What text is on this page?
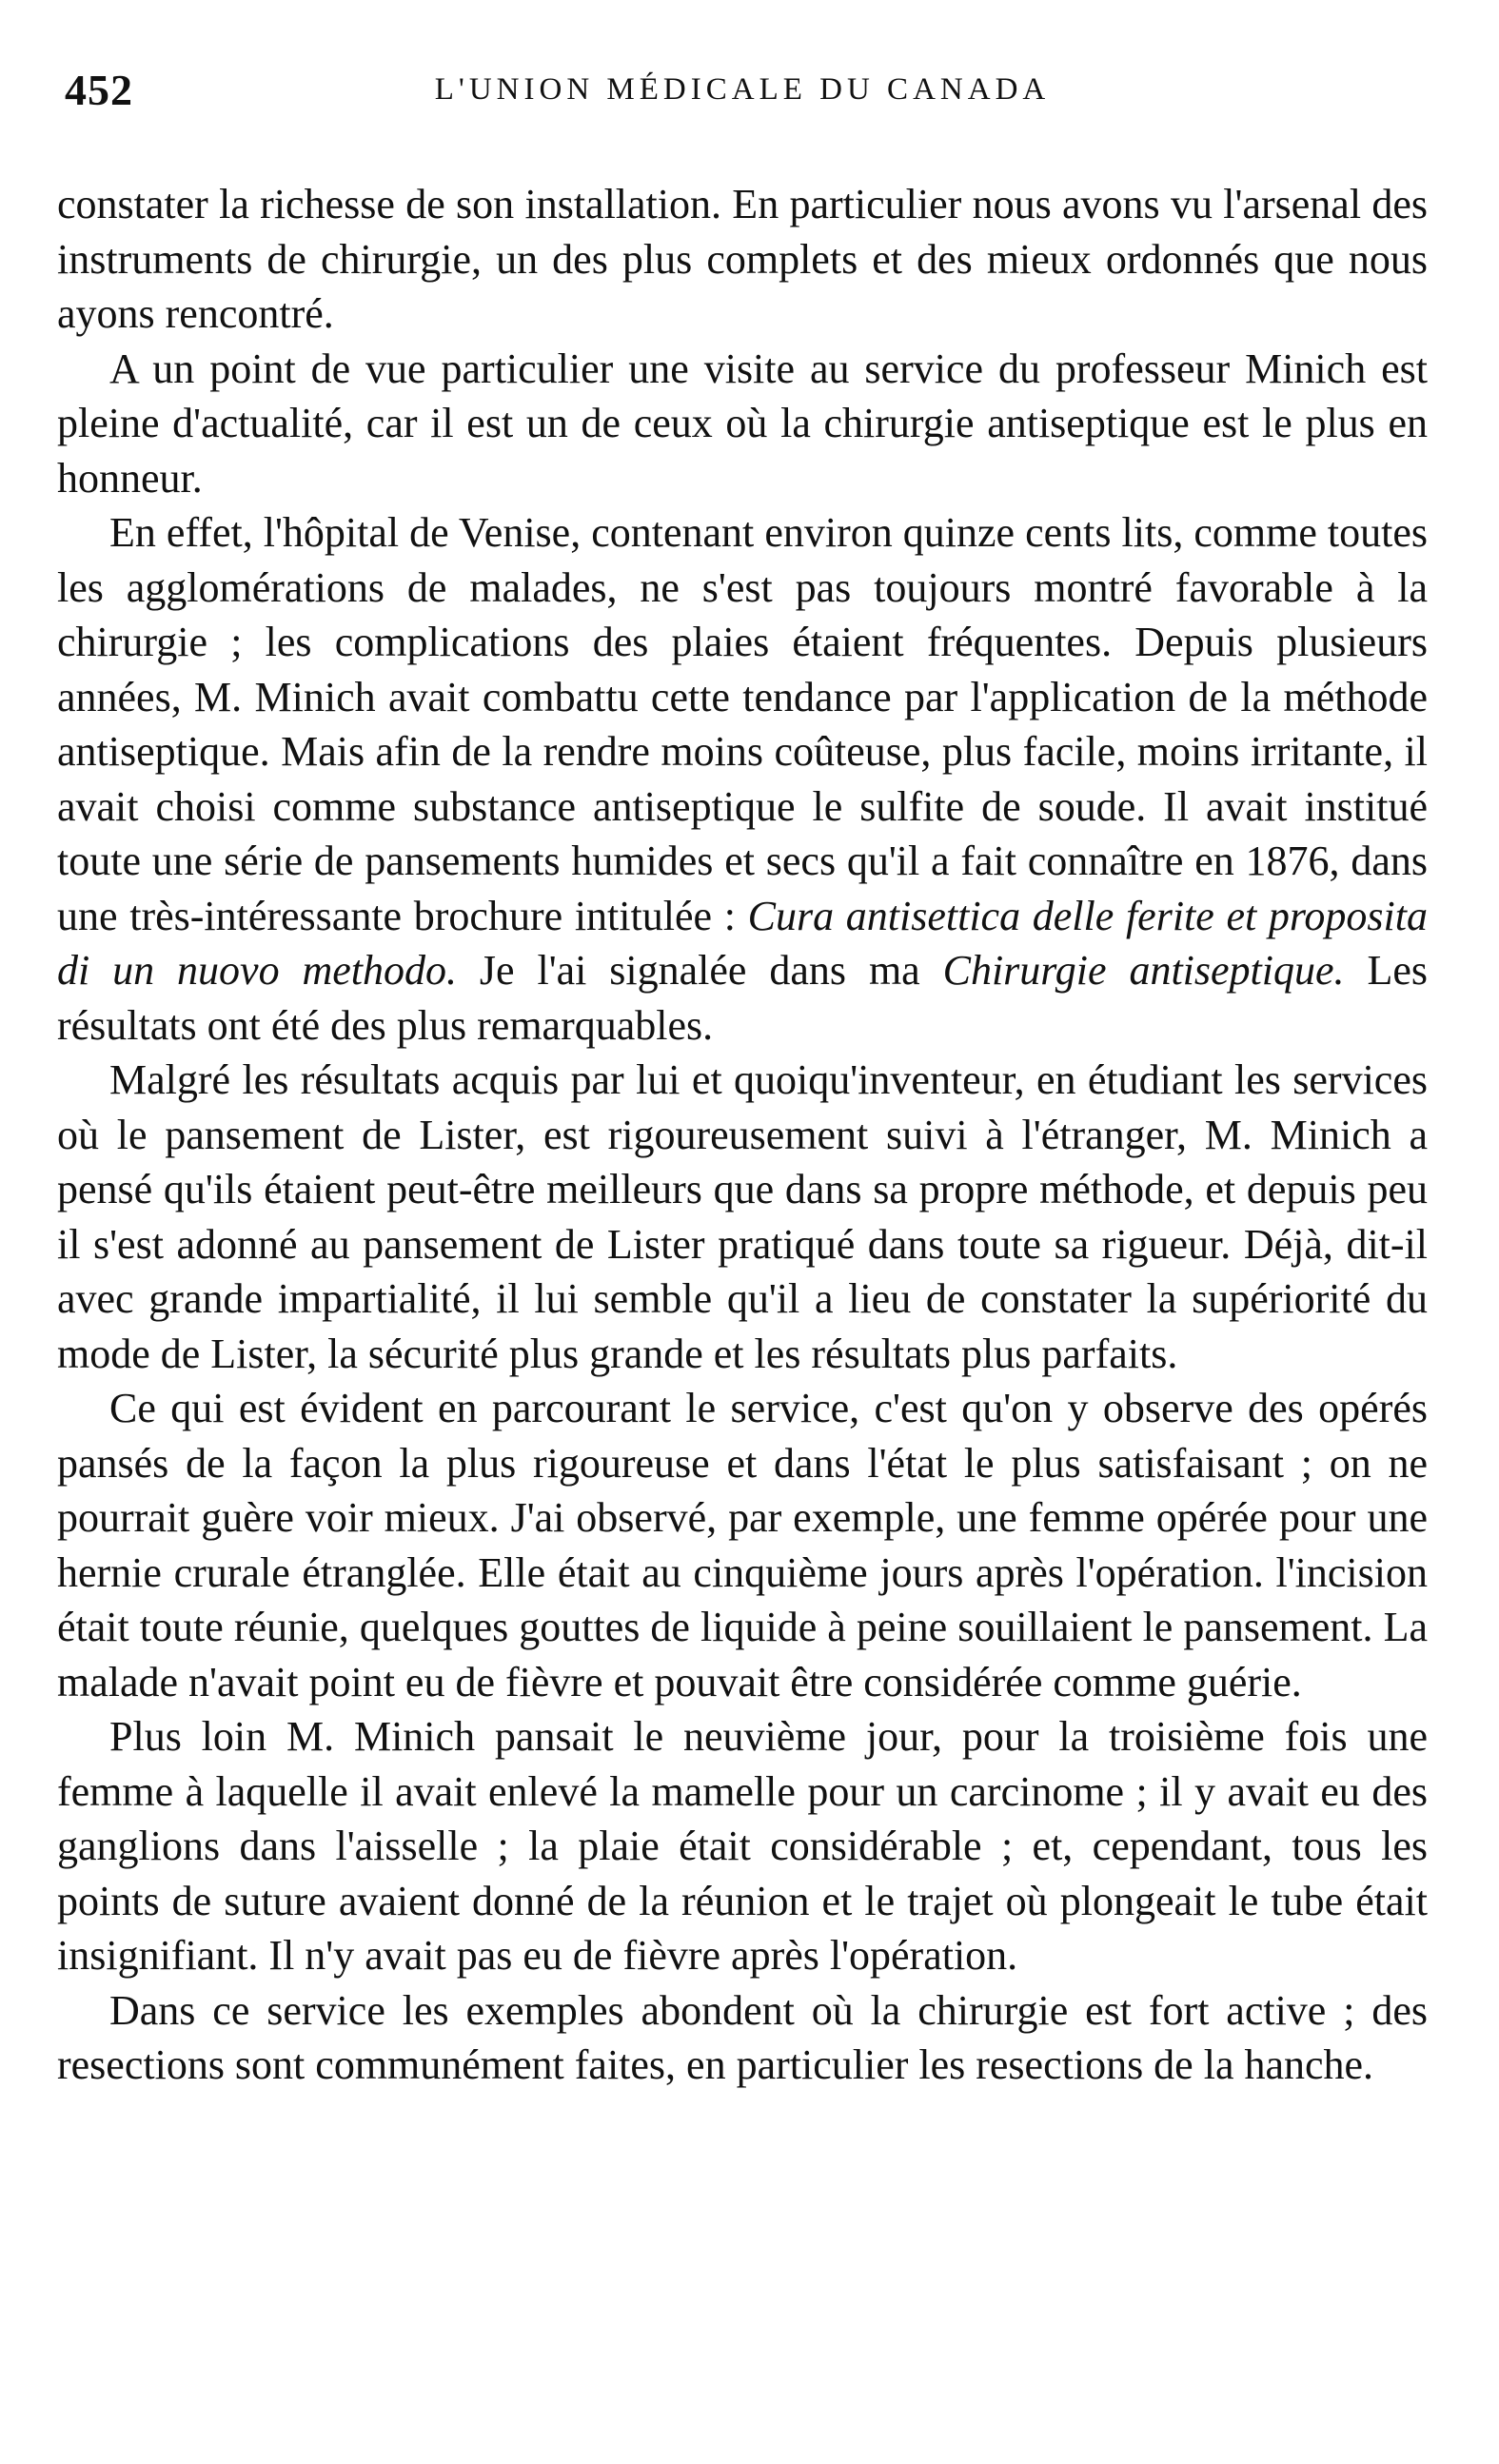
452	L'UNION MÉDICALE DU CANADA

constater la richesse de son installation. En particulier nous avons vu l'arsenal des instruments de chirurgie, un des plus complets et des mieux ordonnés que nous ayons rencontré.

A un point de vue particulier une visite au service du professeur Minich est pleine d'actualité, car il est un de ceux où la chirurgie antiseptique est le plus en honneur.

En effet, l'hôpital de Venise, contenant environ quinze cents lits, comme toutes les agglomérations de malades, ne s'est pas toujours montré favorable à la chirurgie ; les complications des plaies étaient fréquentes. Depuis plusieurs années, M. Minich avait combattu cette tendance par l'application de la méthode antiseptique. Mais afin de la rendre moins coûteuse, plus facile, moins irritante, il avait choisi comme substance antiseptique le sulfite de soude. Il avait institué toute une série de pansements humides et secs qu'il a fait connaître en 1876, dans une très-intéressante brochure intitulée : Cura antisettica delle ferite et proposita di un nuovo methodo. Je l'ai signalée dans ma Chirurgie antiseptique. Les résultats ont été des plus remarquables.

Malgré les résultats acquis par lui et quoiqu'inventeur, en étudiant les services où le pansement de Lister, est rigoureusement suivi à l'étranger, M. Minich a pensé qu'ils étaient peut-être meilleurs que dans sa propre méthode, et depuis peu il s'est adonné au pansement de Lister pratiqué dans toute sa rigueur. Déjà, dit-il avec grande impartialité, il lui semble qu'il a lieu de constater la supériorité du mode de Lister, la sécurité plus grande et les résultats plus parfaits.

Ce qui est évident en parcourant le service, c'est qu'on y observe des opérés pansés de la façon la plus rigoureuse et dans l'état le plus satisfaisant ; on ne pourrait guère voir mieux. J'ai observé, par exemple, une femme opérée pour une hernie crurale étranglée. Elle était au cinquième jours après l'opération. l'incision était toute réunie, quelques gouttes de liquide à peine souillaient le pansement. La malade n'avait point eu de fièvre et pouvait être considérée comme guérie.

Plus loin M. Minich pansait le neuvième jour, pour la troisième fois une femme à laquelle il avait enlevé la mamelle pour un carcinome ; il y avait eu des ganglions dans l'aisselle ; la plaie était considérable ; et, cependant, tous les points de suture avaient donné de la réunion et le trajet où plongeait le tube était insignifiant. Il n'y avait pas eu de fièvre après l'opération.

Dans ce service les exemples abondent où la chirurgie est fort active ; des resections sont communément faites, en particulier les resections de la hanche.
